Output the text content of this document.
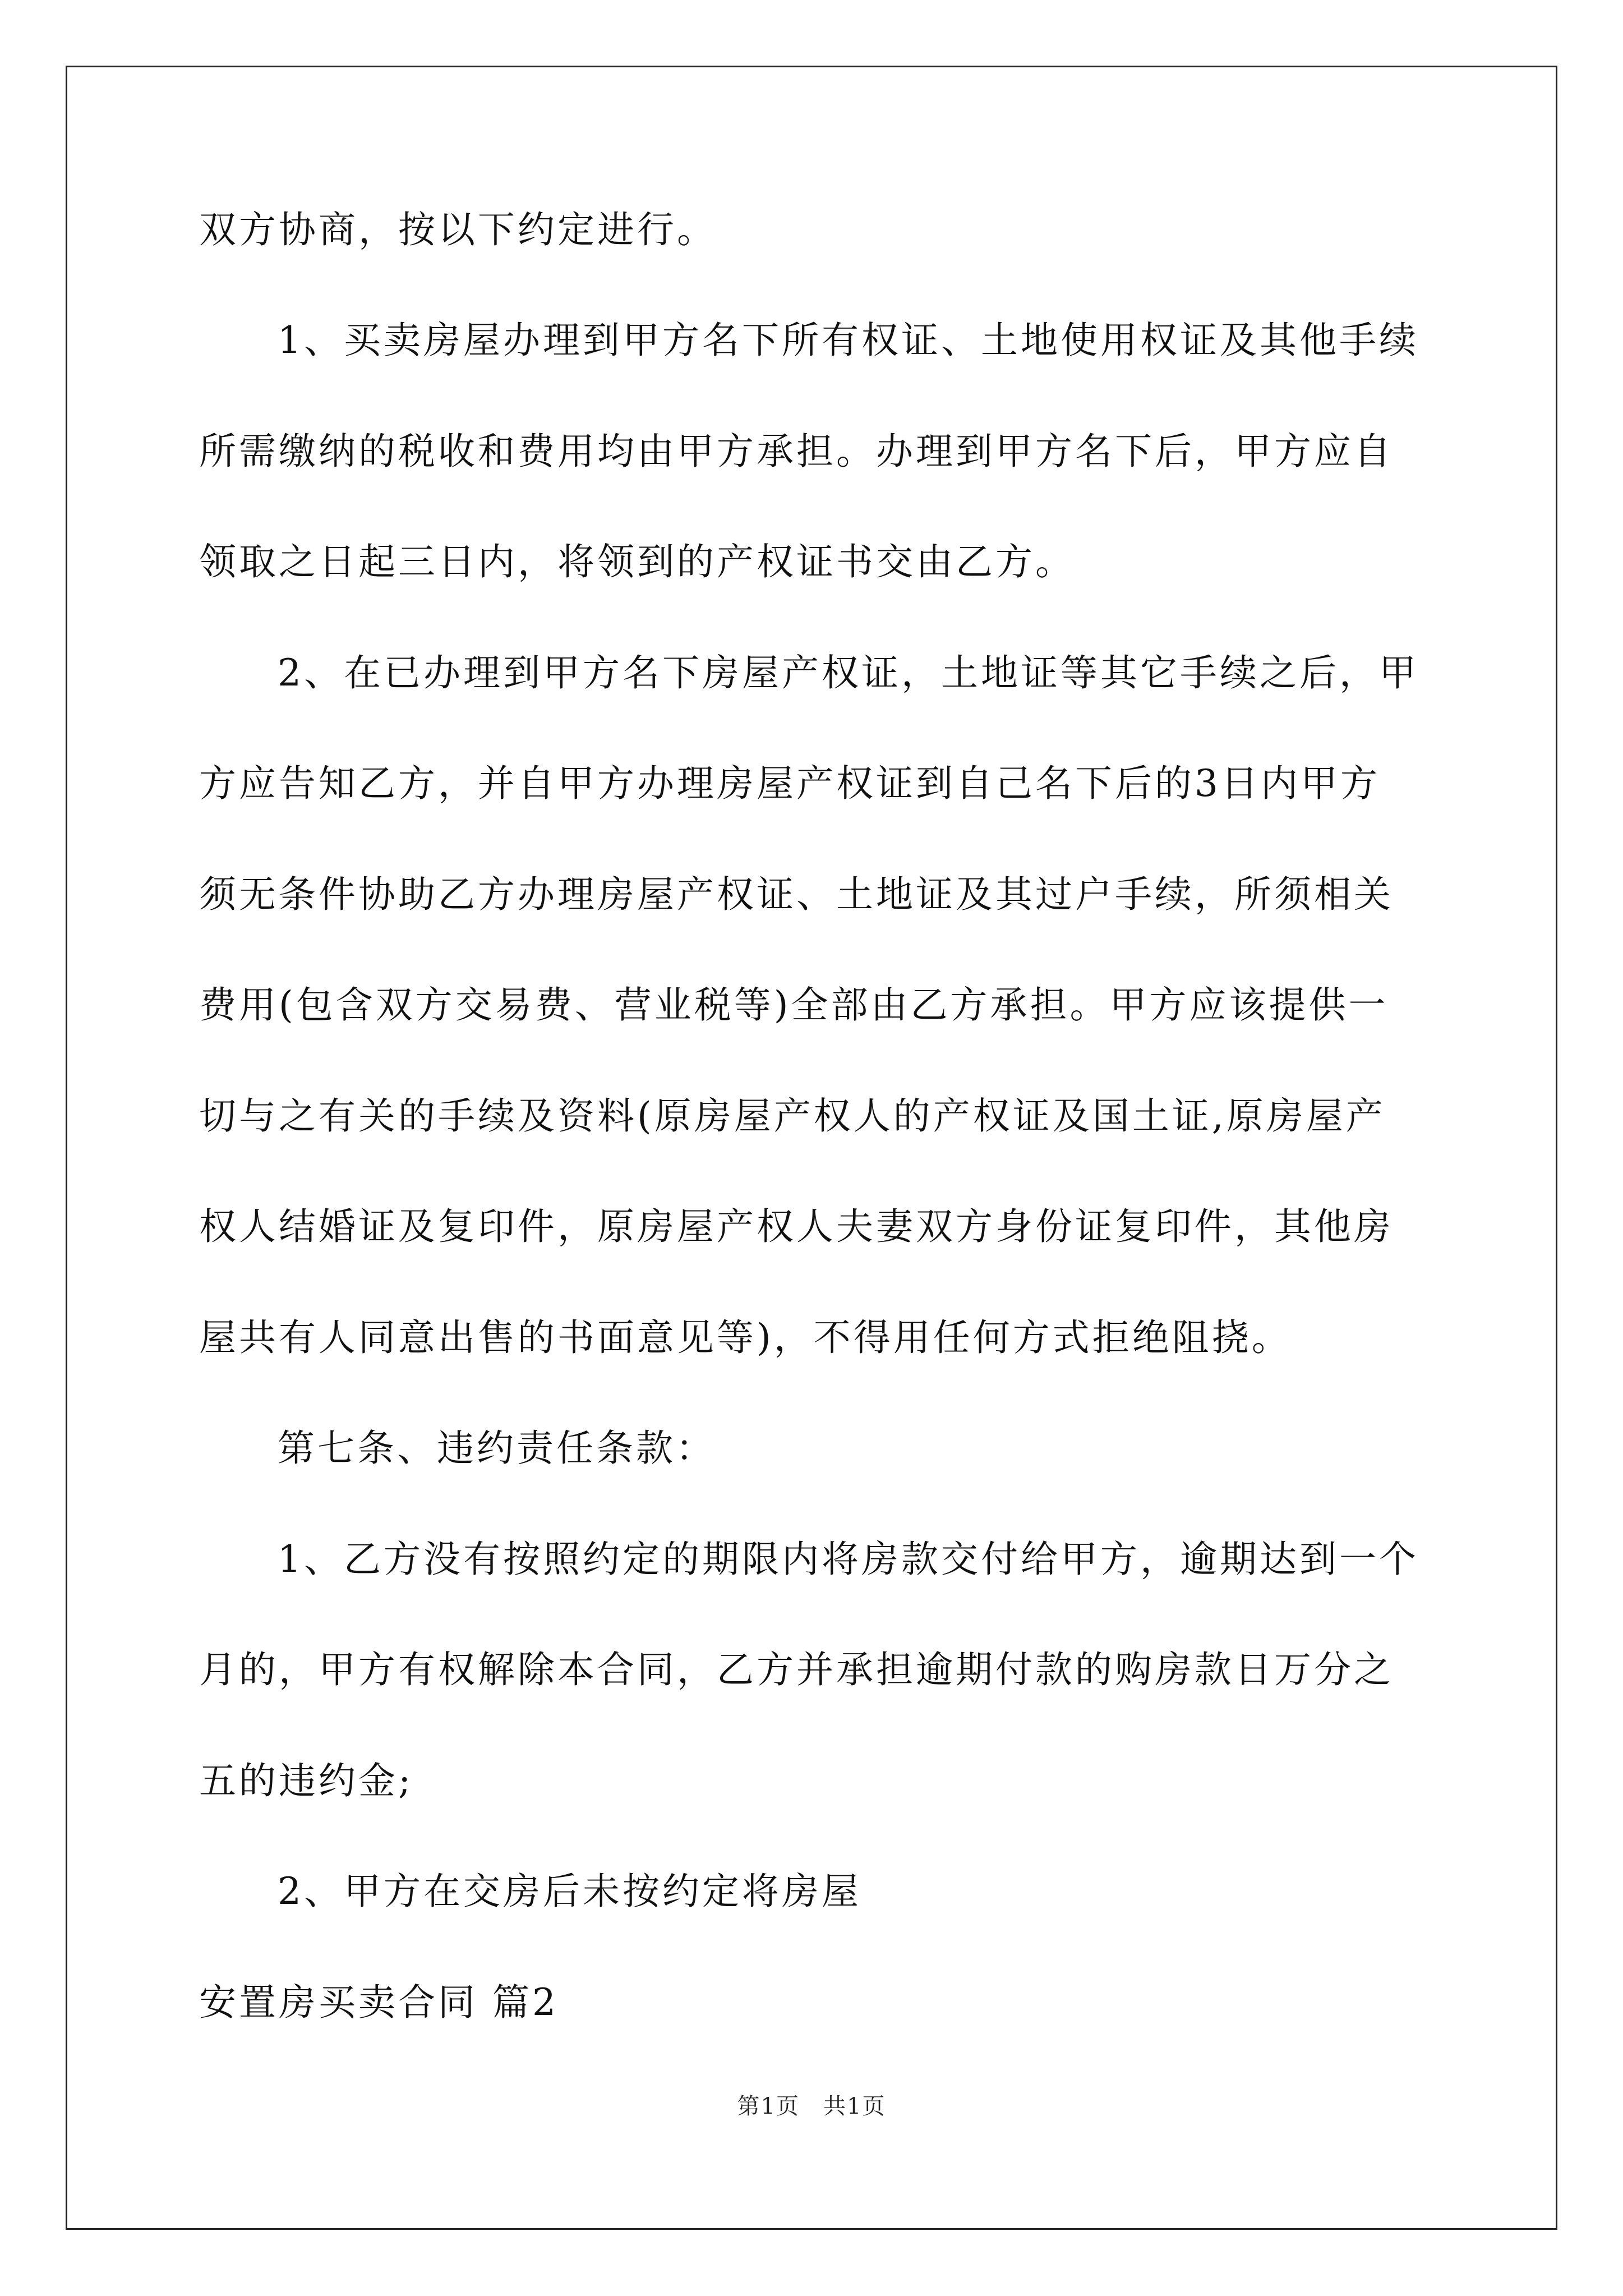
双方协商，按以下约定进行。
1、买卖房屋办理到甲方名下所有权证、土地使用权证及其他手续
所需缴纳的税收和费用均由甲方承担。办理到甲方名下后，甲方应自
领取之日起三日内，将领到的产权证书交由乙方。
2、在已办理到甲方名下房屋产权证，土地证等其它手续之后，甲
方应告知乙方，并自甲方办理房屋产权证到自己名下后的3日内甲方
须无条件协助乙方办理房屋产权证、土地证及其过户手续，所须相关
费用(包含双方交易费、营业税等)全部由乙方承担。甲方应该提供一
切与之有关的手续及资料(原房屋产权人的产权证及国土证,原房屋产
权人结婚证及复印件，原房屋产权人夫妻双方身份证复印件，其他房
屋共有人同意出售的书面意见等)，不得用任何方式拒绝阻挠。
第七条、违约责任条款：
1、乙方没有按照约定的期限内将房款交付给甲方，逾期达到一个
月的，甲方有权解除本合同，乙方并承担逾期付款的购房款日万分之
五的违约金;
2、甲方在交房后未按约定将房屋
安置房买卖合同 篇2
第1页　共1页
